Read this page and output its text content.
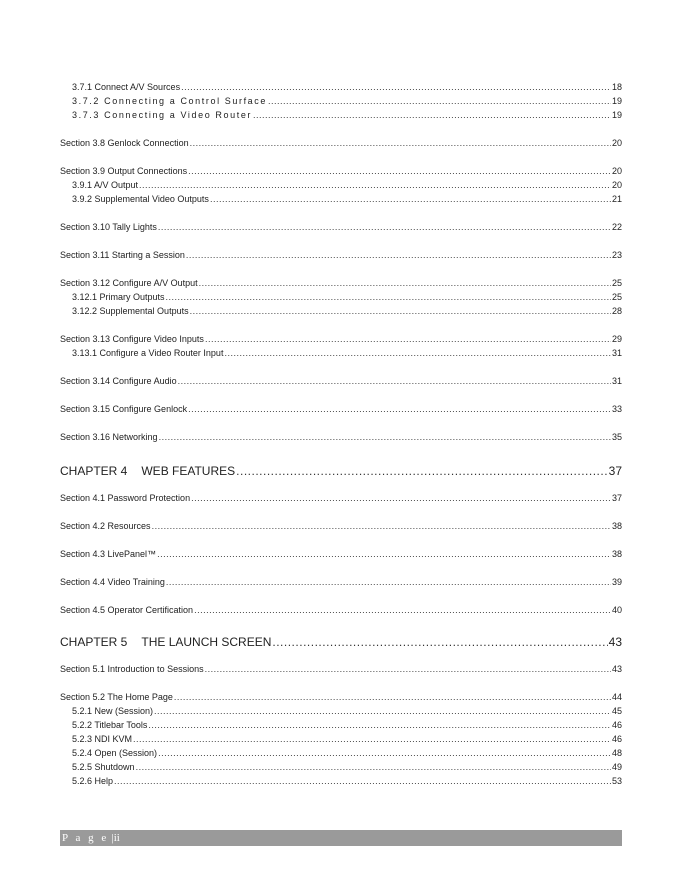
3.7.1 Connect A/V Sources .....	18
3.7.2 Connecting a Control Surface .....	19
3.7.3 Connecting a Video Router .....	19
Section 3.8 Genlock Connection .....	20
Section 3.9 Output Connections .....	20
3.9.1 A/V Output .....	20
3.9.2 Supplemental Video Outputs .....	21
Section 3.10 Tally Lights .....	22
Section 3.11 Starting a Session .....	23
Section 3.12 Configure A/V Output .....	25
3.12.1 Primary Outputs .....	25
3.12.2 Supplemental Outputs .....	28
Section 3.13 Configure Video Inputs .....	29
3.13.1 Configure a Video Router Input .....	31
Section 3.14 Configure Audio .....	31
Section 3.15 Configure Genlock .....	33
Section 3.16 Networking .....	35
CHAPTER 4 WEB FEATURES .....	37
Section 4.1 Password Protection .....	37
Section 4.2 Resources .....	38
Section 4.3 LivePanel™ .....	38
Section 4.4 Video Training .....	39
Section 4.5 Operator Certification .....	40
CHAPTER 5 THE LAUNCH SCREEN .....	43
Section 5.1 Introduction to Sessions .....	43
Section 5.2 The Home Page .....	44
5.2.1 New (Session) .....	45
5.2.2 Titlebar Tools .....	46
5.2.3 NDI KVM .....	46
5.2.4 Open (Session) .....	48
5.2.5 Shutdown .....	49
5.2.6 Help .....	53
P a g e |ii
